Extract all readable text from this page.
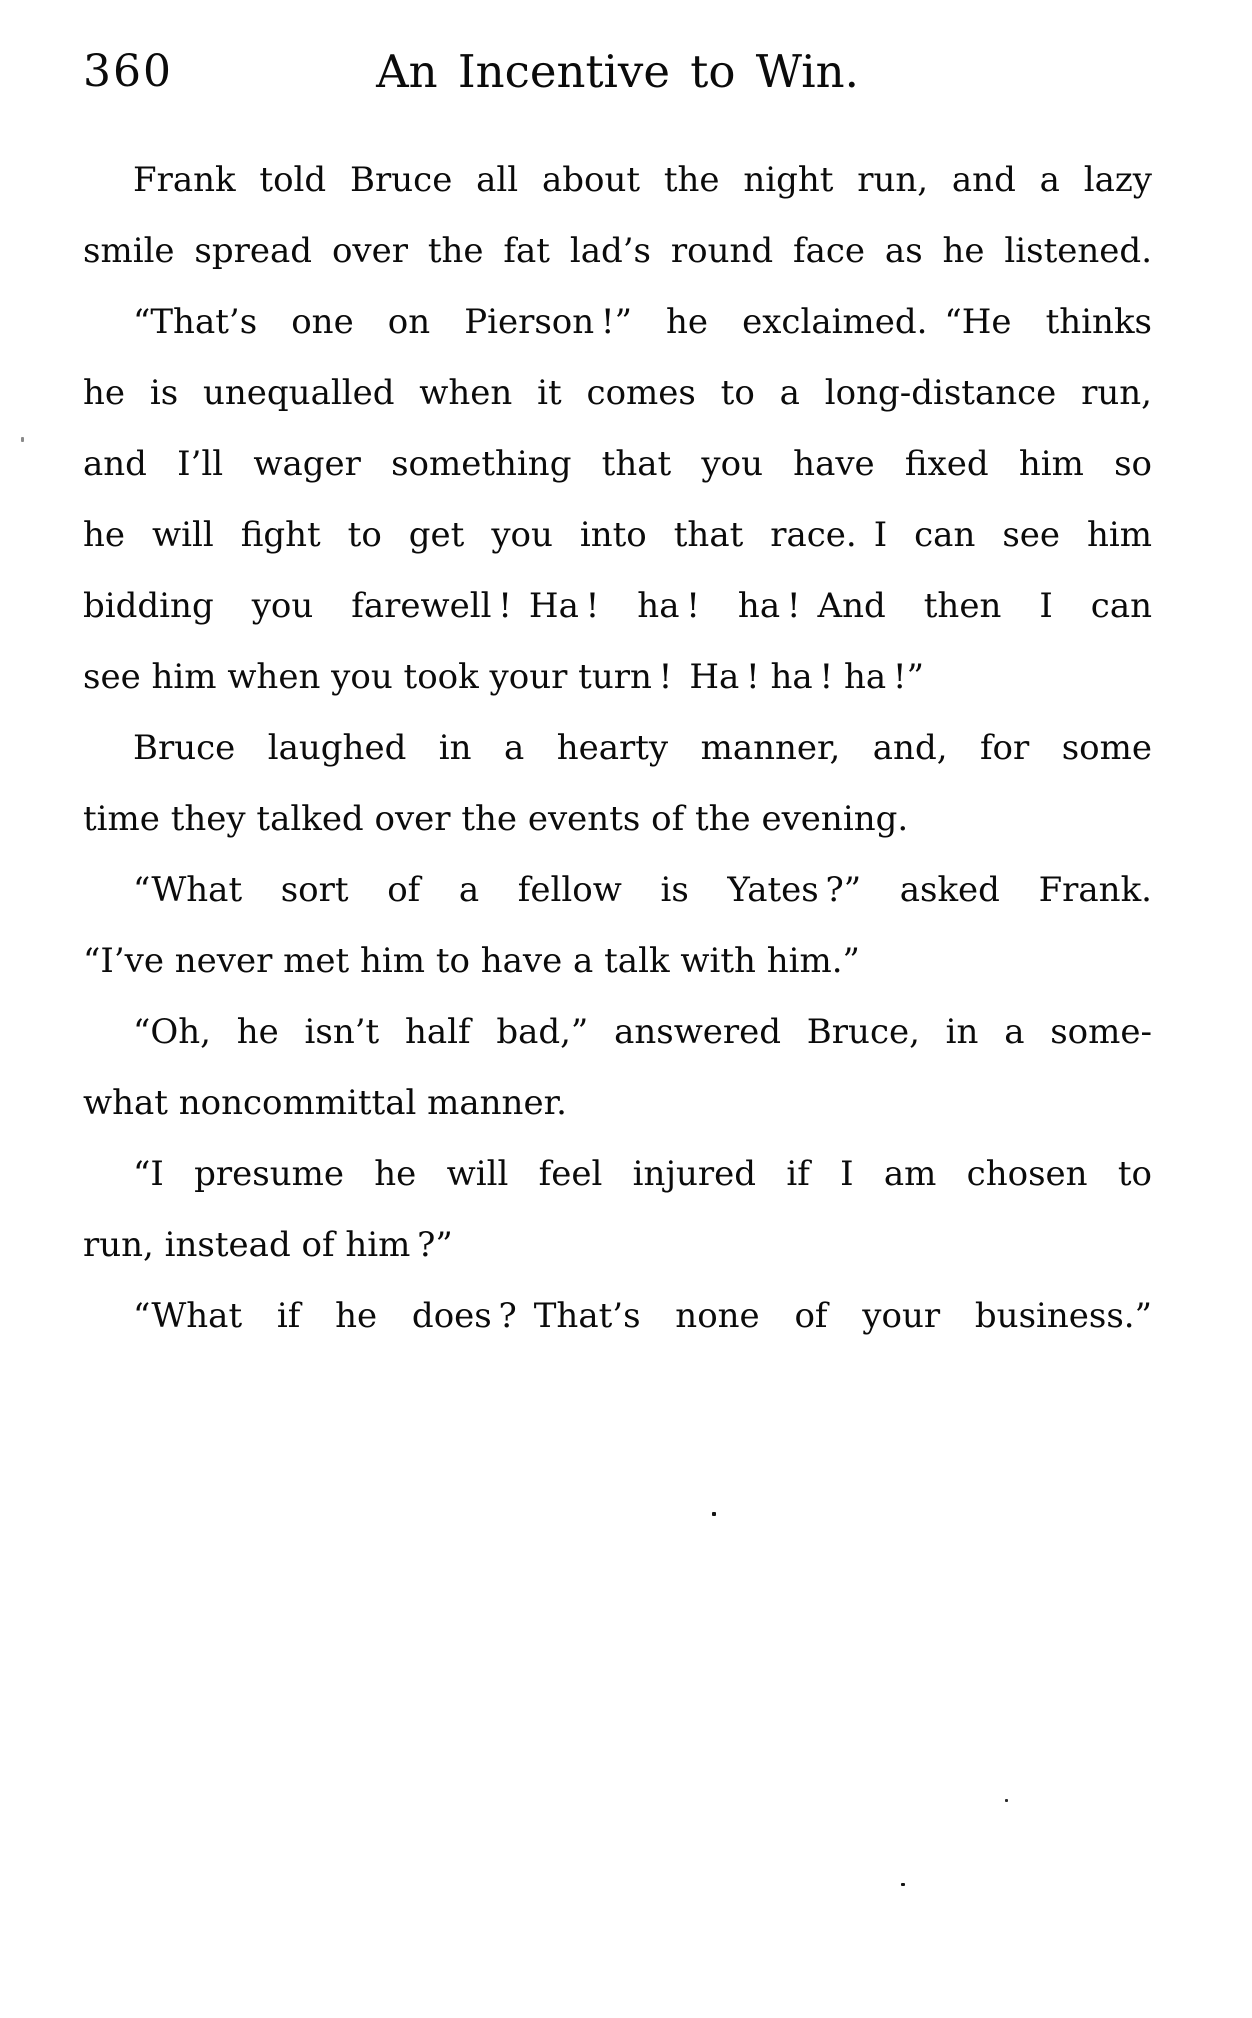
360	An Incentive to Win.
Frank told Bruce all about the night run, and a lazy
smile spread over the fat lad’s round face as he listened.
“That’s one on Pierson !” he exclaimed. “He thinks
he is unequalled when it comes to a long-distance run,
and I’ll wager something that you have fixed him so
he will fight to get you into that race. I can see him
bidding you farewell ! Ha ! ha ! ha ! And then I can
see him when you took your turn ! Ha ! ha ! ha !”
Bruce laughed in a hearty manner, and, for some
time they talked over the events of the evening.
“What sort of a fellow is Yates ?” asked Frank.
“I’ve never met him to have a talk with him.”
“Oh, he isn’t half bad,” answered Bruce, in a some-
what noncommittal manner.
“I presume he will feel injured if I am chosen to
run, instead of him ?”
“What if he does ? That’s none of your business.”
